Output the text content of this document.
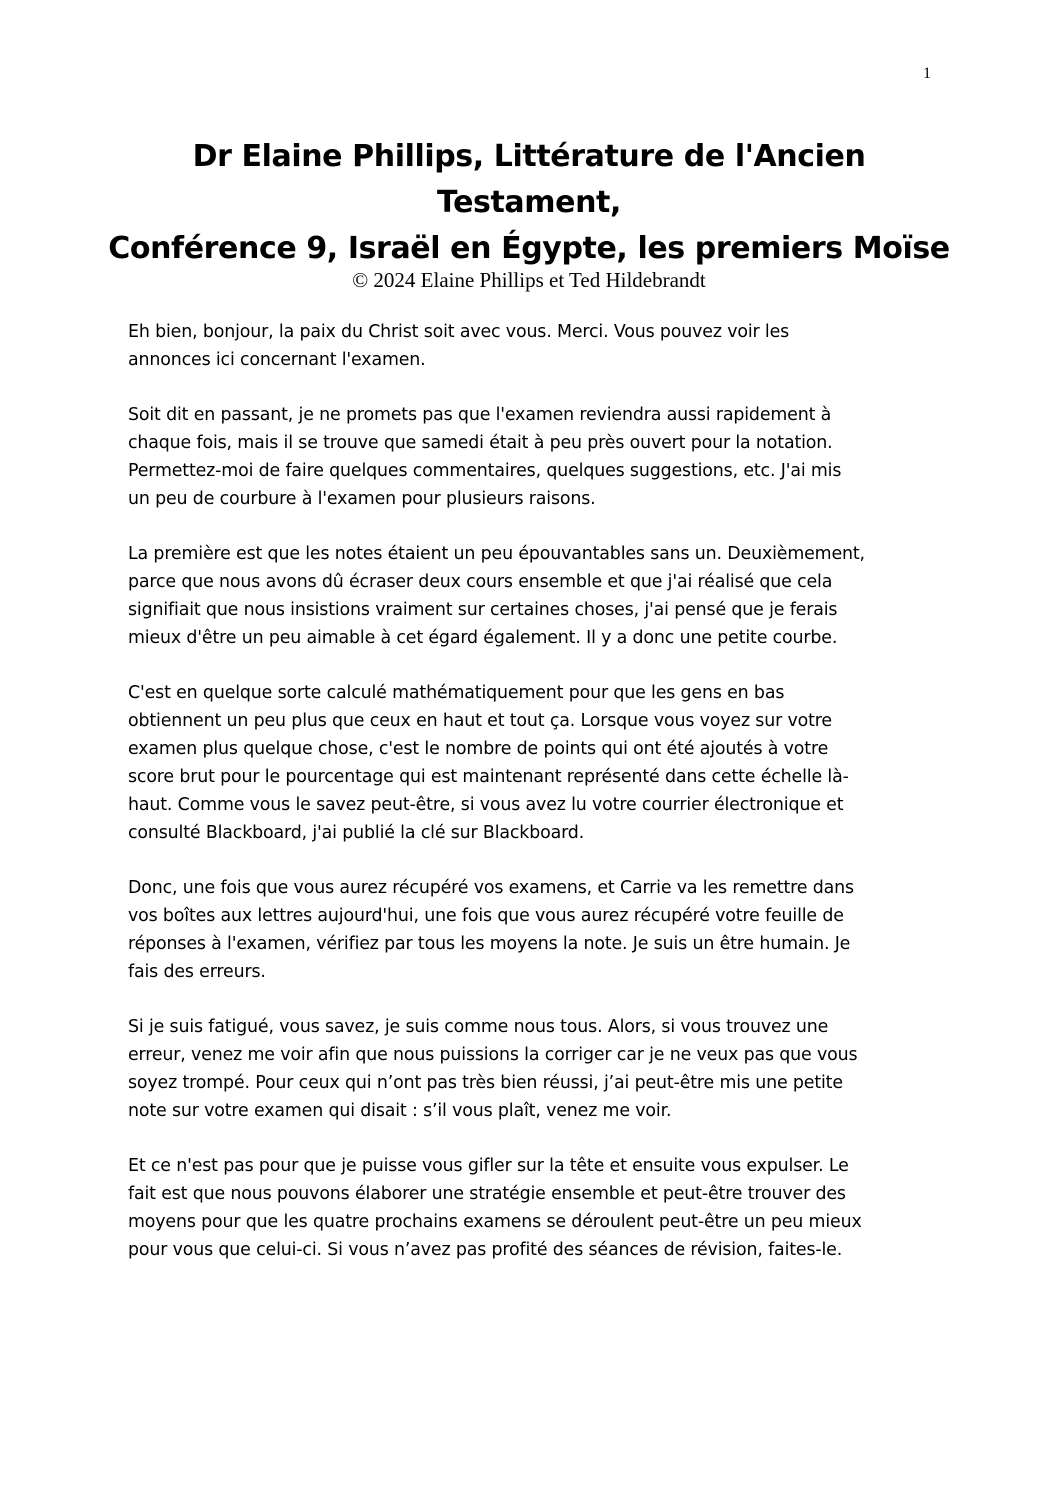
1
Dr Elaine Phillips, Littérature de l'Ancien
Testament,
Conférence 9, Israël en Égypte, les premiers Moïse
© 2024 Elaine Phillips et Ted Hildebrandt

Eh bien, bonjour, la paix du Christ soit avec vous. Merci. Vous pouvez voir les
annonces ici concernant l'examen.

Soit dit en passant, je ne promets pas que l'examen reviendra aussi rapidement à
chaque fois, mais il se trouve que samedi était à peu près ouvert pour la notation.
Permettez-moi de faire quelques commentaires, quelques suggestions, etc. J'ai mis
un peu de courbure à l'examen pour plusieurs raisons.

La première est que les notes étaient un peu épouvantables sans un. Deuxièmement,
parce que nous avons dû écraser deux cours ensemble et que j'ai réalisé que cela
signifiait que nous insistions vraiment sur certaines choses, j'ai pensé que je ferais
mieux d'être un peu aimable à cet égard également. Il y a donc une petite courbe.

C'est en quelque sorte calculé mathématiquement pour que les gens en bas
obtiennent un peu plus que ceux en haut et tout ça. Lorsque vous voyez sur votre
examen plus quelque chose, c'est le nombre de points qui ont été ajoutés à votre
score brut pour le pourcentage qui est maintenant représenté dans cette échelle là-
haut. Comme vous le savez peut-être, si vous avez lu votre courrier électronique et
consulté Blackboard, j'ai publié la clé sur Blackboard.

Donc, une fois que vous aurez récupéré vos examens, et Carrie va les remettre dans
vos boîtes aux lettres aujourd'hui, une fois que vous aurez récupéré votre feuille de
réponses à l'examen, vérifiez par tous les moyens la note. Je suis un être humain. Je
fais des erreurs.

Si je suis fatigué, vous savez, je suis comme nous tous. Alors, si vous trouvez une
erreur, venez me voir afin que nous puissions la corriger car je ne veux pas que vous
soyez trompé. Pour ceux qui n’ont pas très bien réussi, j’ai peut-être mis une petite
note sur votre examen qui disait : s’il vous plaît, venez me voir.

Et ce n'est pas pour que je puisse vous gifler sur la tête et ensuite vous expulser. Le
fait est que nous pouvons élaborer une stratégie ensemble et peut-être trouver des
moyens pour que les quatre prochains examens se déroulent peut-être un peu mieux
pour vous que celui-ci. Si vous n’avez pas profité des séances de révision, faites-le.
